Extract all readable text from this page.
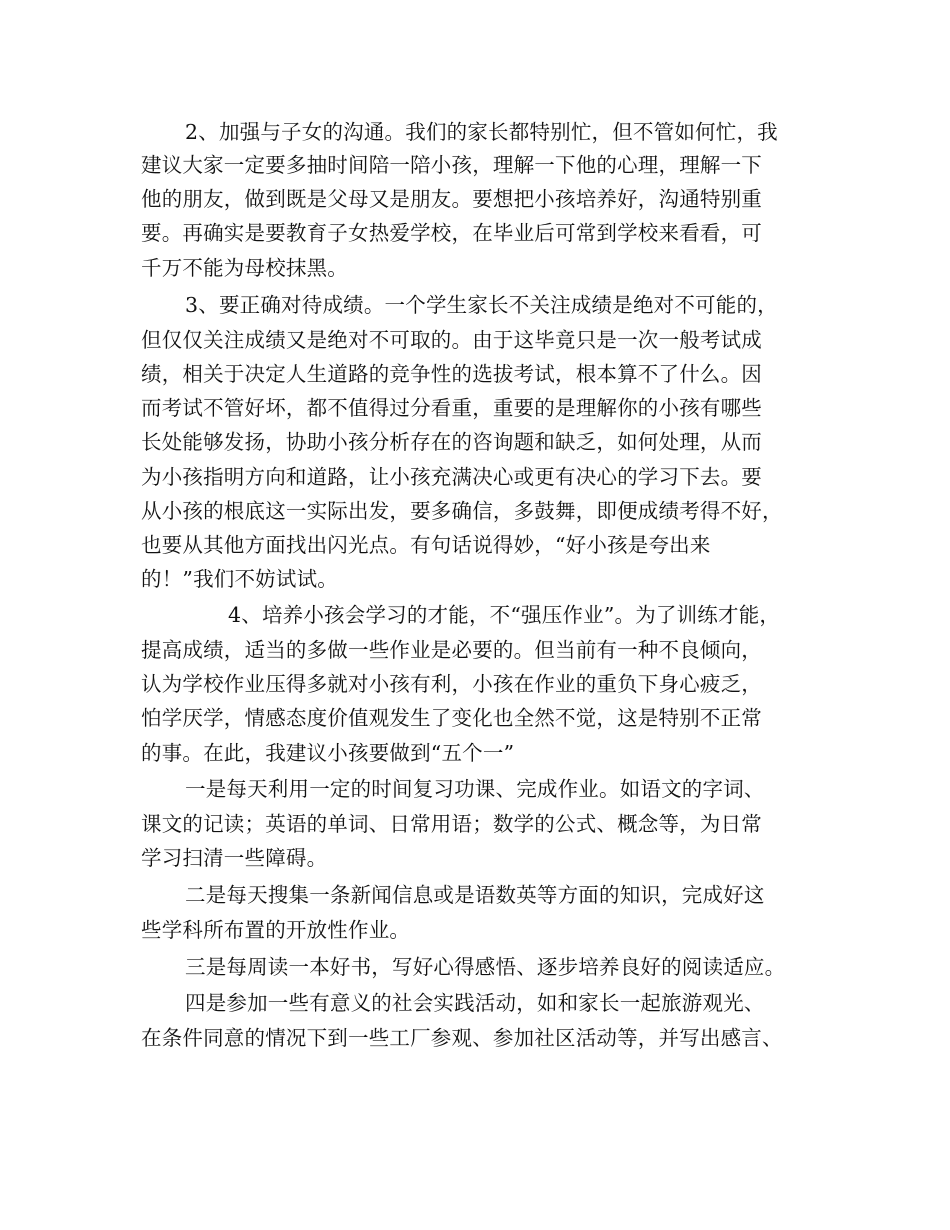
2、加强与子女的沟通。我们的家长都特别忙，但不管如何忙，我
建议大家一定要多抽时间陪一陪小孩，理解一下他的心理，理解一下
他的朋友，做到既是父母又是朋友。要想把小孩培养好，沟通特别重
要。再确实是要教育子女热爱学校，在毕业后可常到学校来看看，可
千万不能为母校抹黑。
3、要正确对待成绩。一个学生家长不关注成绩是绝对不可能的，
但仅仅关注成绩又是绝对不可取的。由于这毕竟只是一次一般考试成
绩，相关于决定人生道路的竞争性的选拔考试，根本算不了什么。因
而考试不管好坏，都不值得过分看重，重要的是理解你的小孩有哪些
长处能够发扬，协助小孩分析存在的咨询题和缺乏，如何处理，从而
为小孩指明方向和道路，让小孩充满决心或更有决心的学习下去。要
从小孩的根底这一实际出发，要多确信，多鼓舞，即便成绩考得不好，
也要从其他方面找出闪光点。有句话说得妙，“好小孩是夸出来
的！”我们不妨试试。
4、培养小孩会学习的才能，不“强压作业”。为了训练才能，
提高成绩，适当的多做一些作业是必要的。但当前有一种不良倾向，
认为学校作业压得多就对小孩有利，小孩在作业的重负下身心疲乏，
怕学厌学，情感态度价值观发生了变化也全然不觉，这是特别不正常
的事。在此，我建议小孩要做到“五个一”
一是每天利用一定的时间复习功课、完成作业。如语文的字词、
课文的记读；英语的单词、日常用语；数学的公式、概念等，为日常
学习扫清一些障碍。
二是每天搜集一条新闻信息或是语数英等方面的知识，完成好这
些学科所布置的开放性作业。
三是每周读一本好书，写好心得感悟、逐步培养良好的阅读适应。
四是参加一些有意义的社会实践活动，如和家长一起旅游观光、
在条件同意的情况下到一些工厂参观、参加社区活动等，并写出感言、
